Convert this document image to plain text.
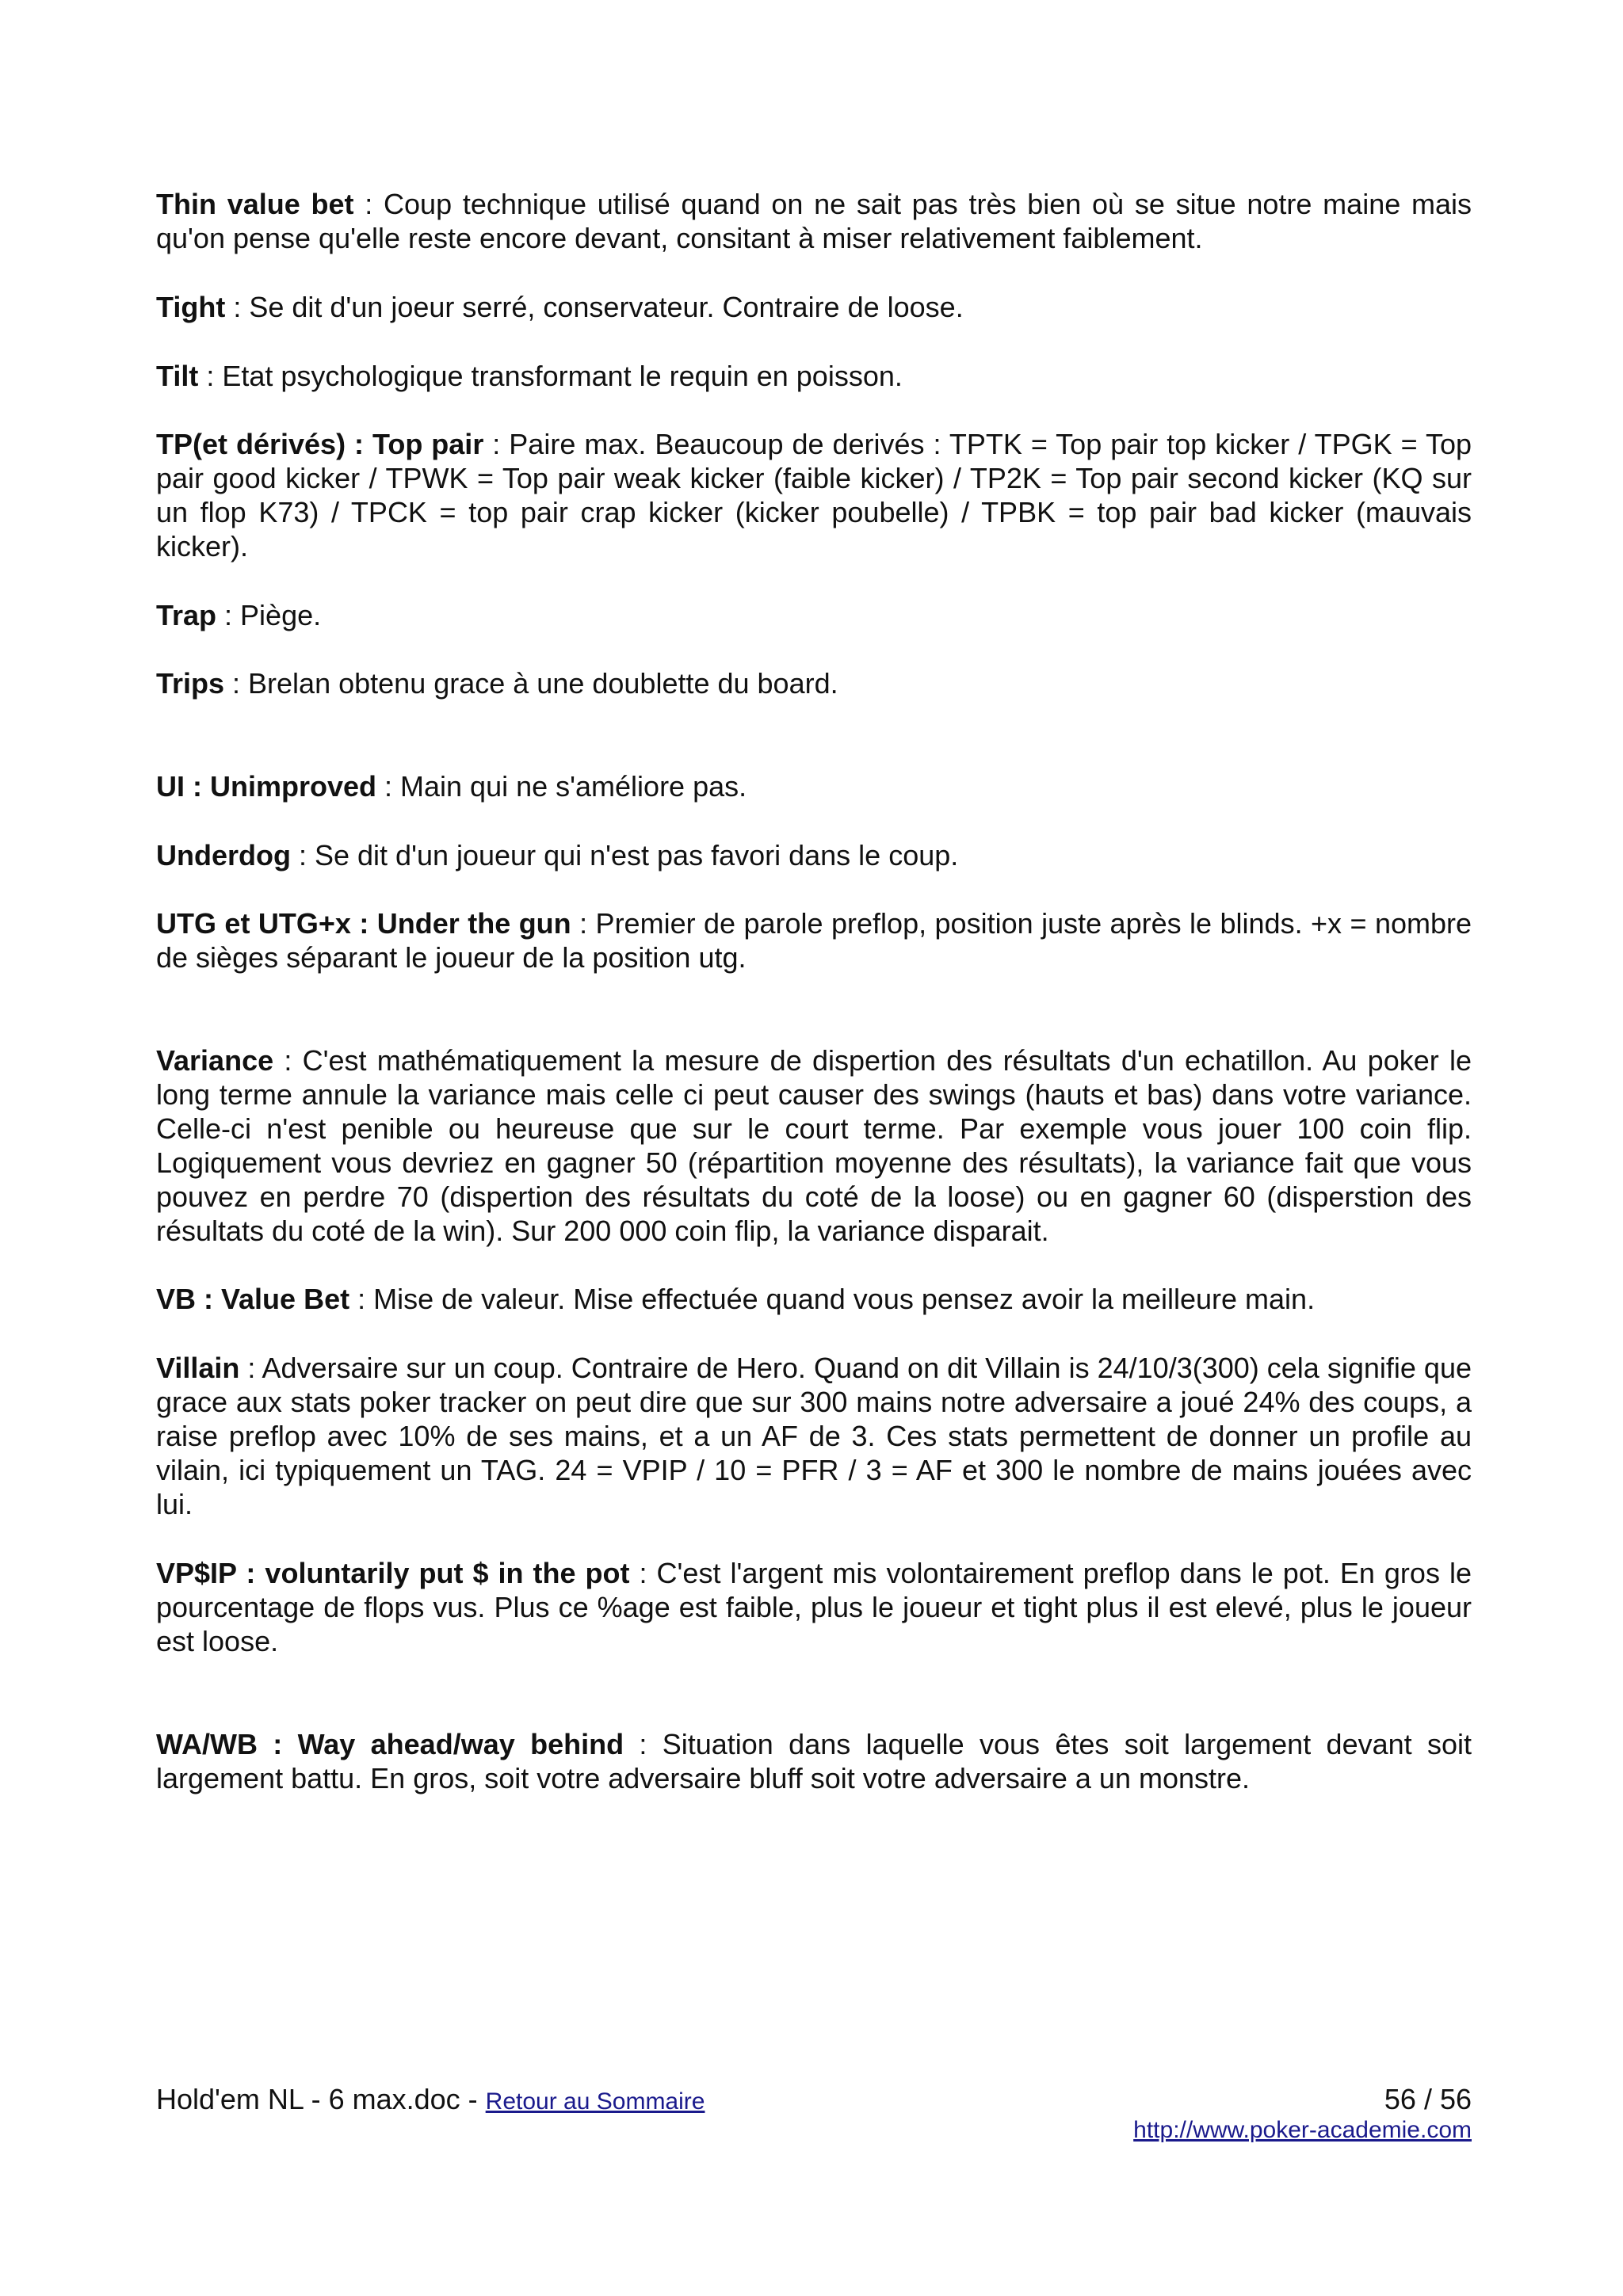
Thin value bet : Coup technique utilisé quand on ne sait pas très bien où se situe notre maine mais qu'on pense qu'elle reste encore devant, consitant à miser relativement faiblement.

Tight : Se dit d'un joeur serré, conservateur. Contraire de loose.

Tilt : Etat psychologique transformant le requin en poisson.

TP(et dérivés) : Top pair : Paire max. Beaucoup de derivés : TPTK = Top pair top kicker / TPGK = Top pair good kicker / TPWK = Top pair weak kicker (faible kicker) / TP2K = Top pair second kicker (KQ sur un flop K73) / TPCK = top pair crap kicker (kicker poubelle) / TPBK = top pair bad kicker (mauvais kicker).

Trap : Piège.

Trips : Brelan obtenu grace à une doublette du board.

UI : Unimproved : Main qui ne s'améliore pas.

Underdog : Se dit d'un joueur qui n'est pas favori dans le coup.

UTG et UTG+x : Under the gun : Premier de parole preflop, position juste après le blinds. +x = nombre de sièges séparant le joueur de la position utg.

Variance : C'est mathématiquement la mesure de dispertion des résultats d'un echatillon. Au poker le long terme annule la variance mais celle ci peut causer des swings (hauts et bas) dans votre variance. Celle-ci n'est penible ou heureuse que sur le court terme. Par exemple vous jouer 100 coin flip. Logiquement vous devriez en gagner 50 (répartition moyenne des résultats), la variance fait que vous pouvez en perdre 70 (dispertion des résultats du coté de la loose) ou en gagner 60 (disperstion des résultats du coté de la win). Sur 200 000 coin flip, la variance disparait.

VB : Value Bet : Mise de valeur. Mise effectuée quand vous pensez avoir la meilleure main.

Villain : Adversaire sur un coup. Contraire de Hero. Quand on dit Villain is 24/10/3(300) cela signifie que grace aux stats poker tracker on peut dire que sur 300 mains notre adversaire a joué 24% des coups, a raise preflop avec 10% de ses mains, et a un AF de 3. Ces stats permettent de donner un profile au vilain, ici typiquement un TAG. 24 = VPIP / 10 = PFR / 3 = AF et 300 le nombre de mains jouées avec lui.

VP$IP : voluntarily put $ in the pot : C'est l'argent mis volontairement preflop dans le pot. En gros le pourcentage de flops vus. Plus ce %age est faible, plus le joueur et tight plus il est elevé, plus le joueur est loose.

WA/WB : Way ahead/way behind : Situation dans laquelle vous êtes soit largement devant soit largement battu. En gros, soit votre adversaire bluff soit votre adversaire a un monstre.

Hold'em NL - 6 max.doc - Retour au Sommaire	56 / 56
http://www.poker-academie.com
